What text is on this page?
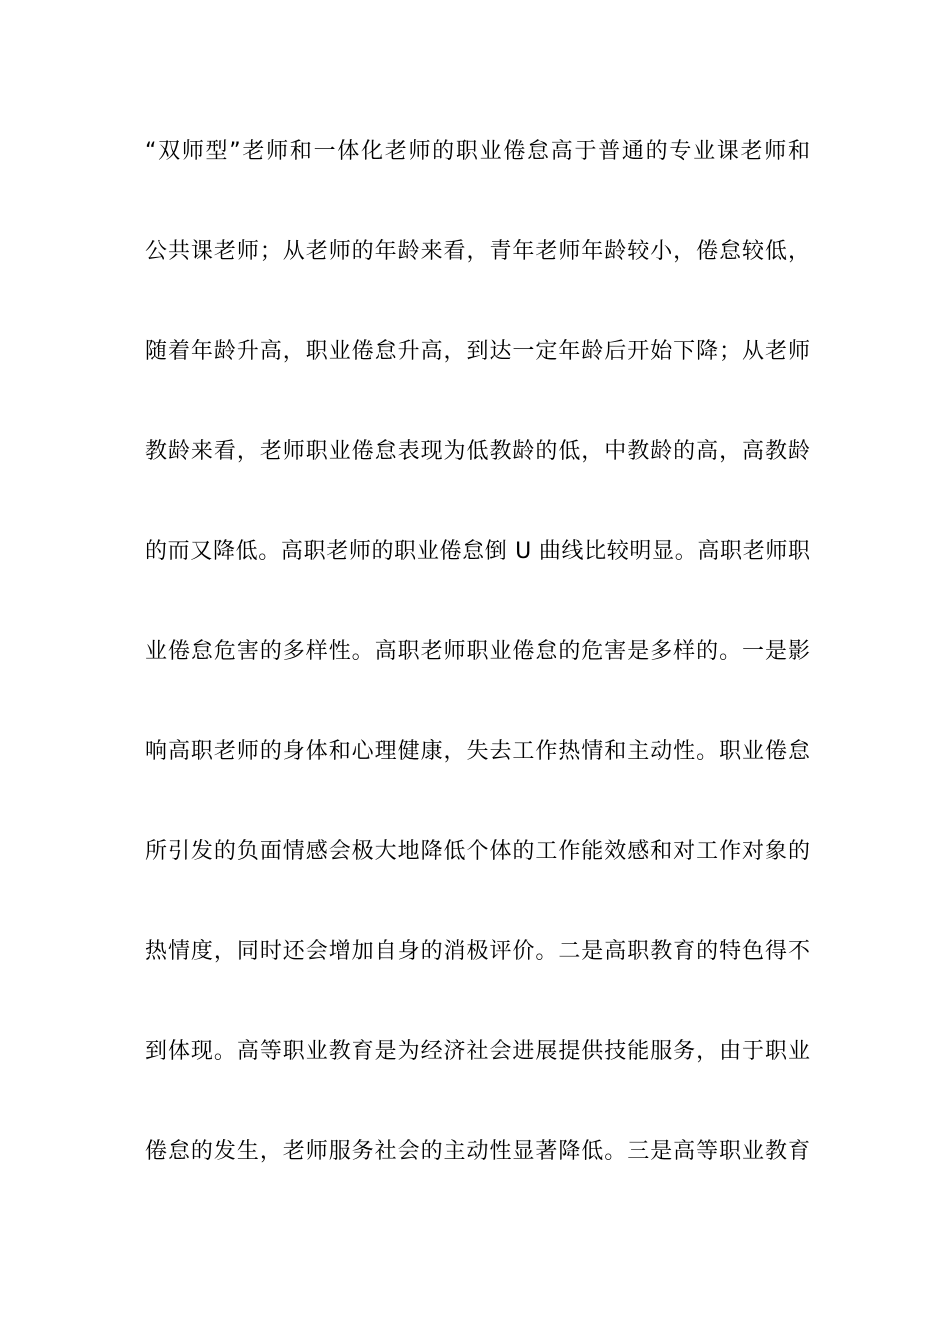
“双师型”老师和一体化老师的职业倦怠高于普通的专业课老师和
公共课老师；从老师的年龄来看，青年老师年龄较小，倦怠较低，
随着年龄升高，职业倦怠升高，到达一定年龄后开始下降；从老师
教龄来看，老师职业倦怠表现为低教龄的低，中教龄的高，高教龄
的而又降低。高职老师的职业倦怠倒 U 曲线比较明显。高职老师职
业倦怠危害的多样性。高职老师职业倦怠的危害是多样的。一是影
响高职老师的身体和心理健康，失去工作热情和主动性。职业倦怠
所引发的负面情感会极大地降低个体的工作能效感和对工作对象的
热情度，同时还会增加自身的消极评价。二是高职教育的特色得不
到体现。高等职业教育是为经济社会进展提供技能服务，由于职业
倦怠的发生，老师服务社会的主动性显著降低。三是高等职业教育
